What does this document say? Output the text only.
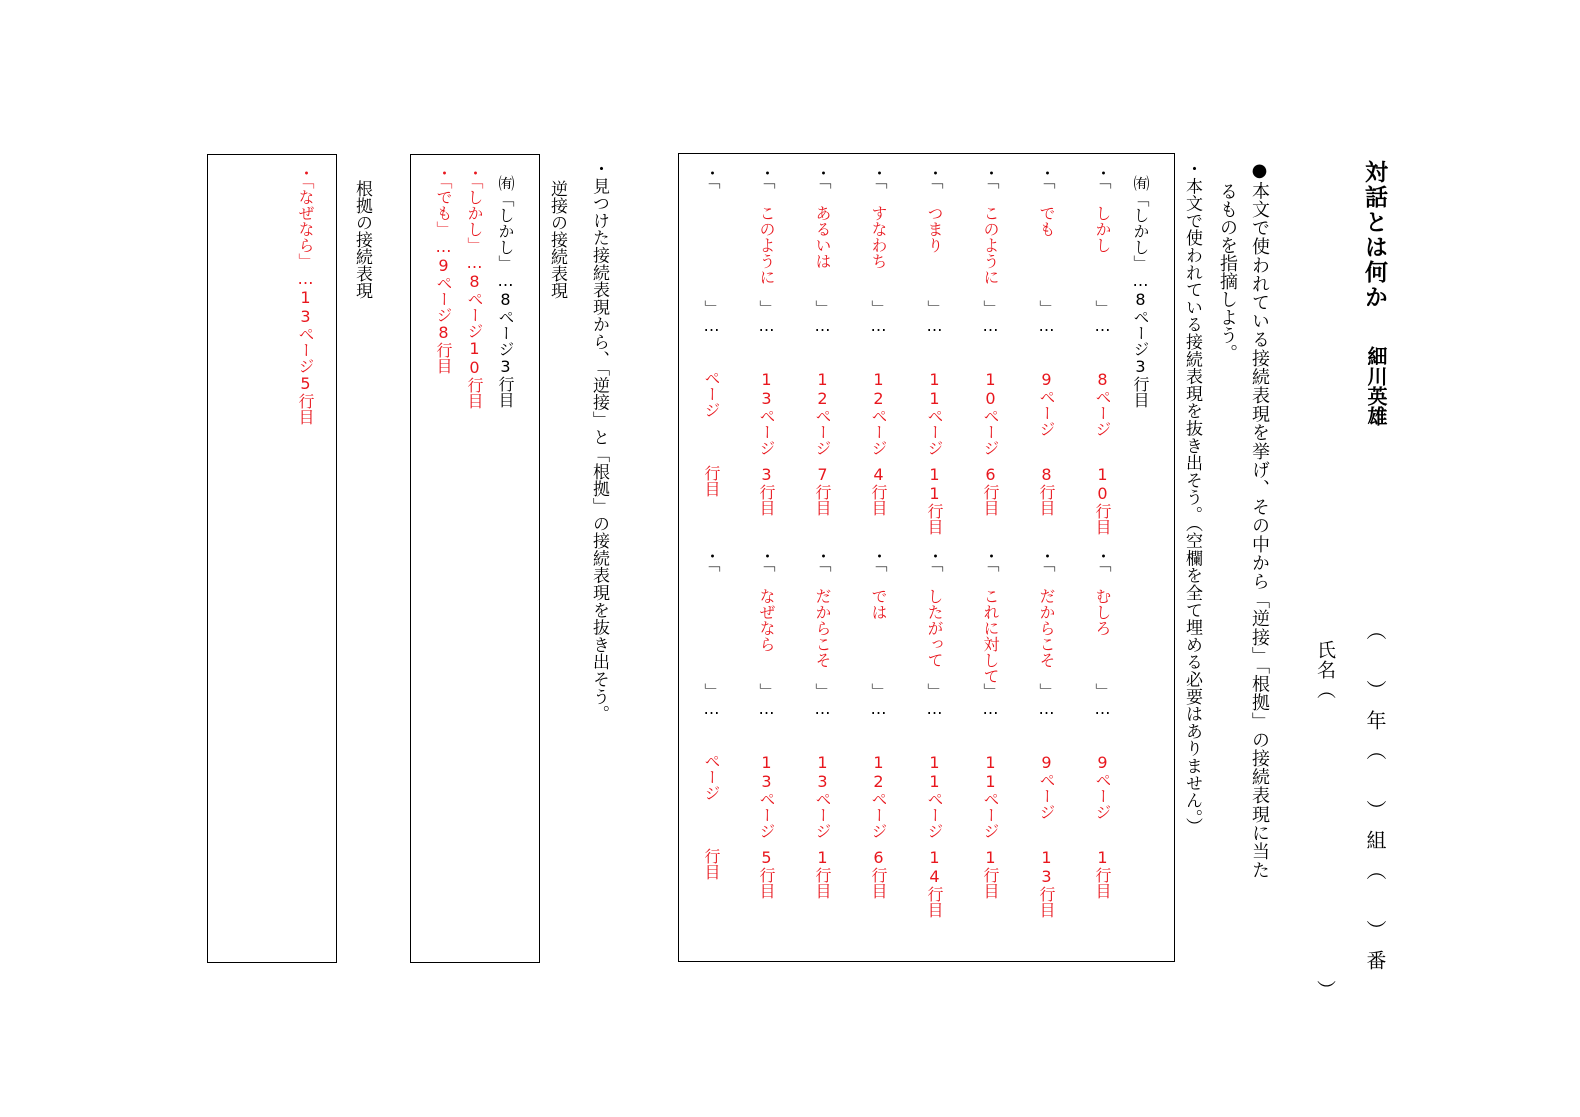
対話とは何か
細川英雄
（　）年（　）組（　）番
氏名（　　　　　　　　　　　　　　）
●本文で使われている接続表現を挙げ、その中から「逆接」「根拠」の接続表現に当た
るものを指摘しよう。
・本文で使われている接続表現を抜き出そう。（空欄を全て埋める必要はありません。）
㈲「しかし」…8ページ3行目
・「
しかし
」…
8ページ
10行目
・「
でも
」…
9ページ
8行目
・「
このように
」…
10ページ
6行目
・「
つまり
」…
11ページ
11行目
・「
すなわち
」…
12ページ
4行目
・「
あるいは
」…
12ページ
7行目
・「
このように
」…
13ページ
3行目
・「
」…
ページ
行目
・「
むしろ
」…
9ページ
1行目
・「
だからこそ
」…
9ページ
13行目
・「
これに対して
」…
11ページ
1行目
・「
したがって
」…
11ページ
14行目
・「
では
」…
12ページ
6行目
・「
だからこそ
」…
13ページ
1行目
・「
なぜなら
」…
13ページ
5行目
・「
」…
ページ
行目
・見つけた接続表現から、「逆接」と「根拠」の接続表現を抜き出そう。
逆接の接続表現
㈲「しかし」…8ページ3行目
・「しかし」…8ページ10行目
・「でも」…9ページ8行目
根拠の接続表現
・「なぜなら」…13ページ5行目
